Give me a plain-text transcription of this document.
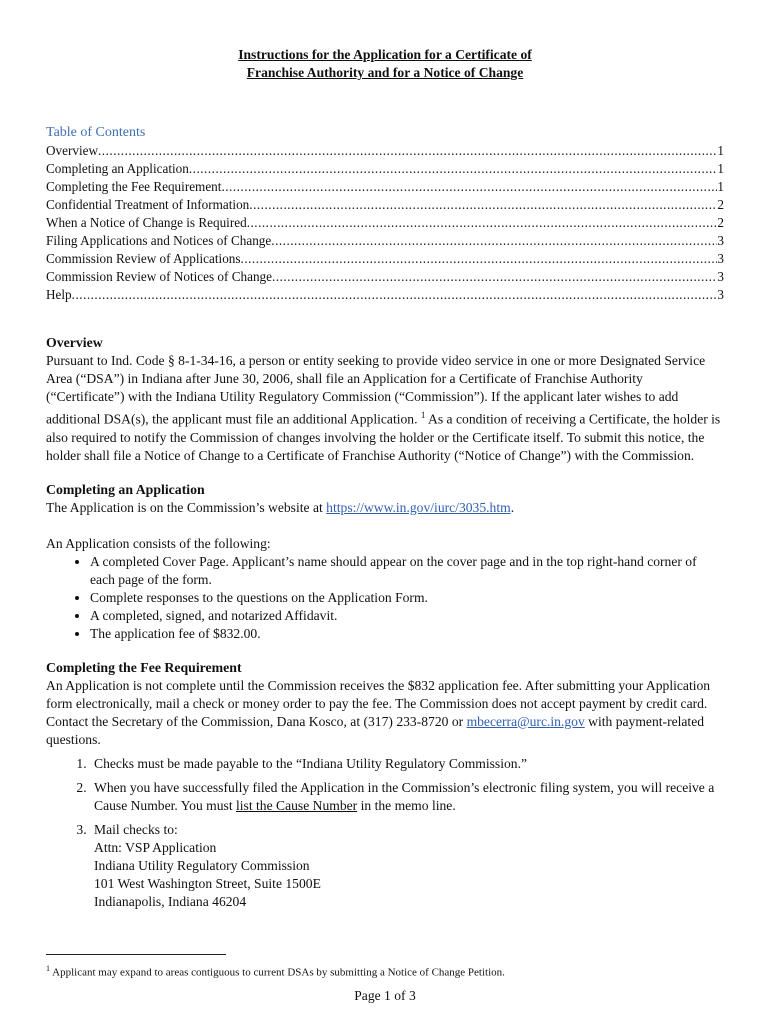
Instructions for the Application for a Certificate of
Franchise Authority and for a Notice of Change
Table of Contents
Overview .....	1
Completing an Application .....	1
Completing the Fee Requirement .....	1
Confidential Treatment of Information .....	2
When a Notice of Change is Required .....	2
Filing Applications and Notices of Change .....	3
Commission Review of Applications .....	3
Commission Review of Notices of Change .....	3
Help .....	3
Overview

Pursuant to Ind. Code § 8-1-34-16, a person or entity seeking to provide video service in one or more Designated Service Area (“DSA”) in Indiana after June 30, 2006, shall file an Application for a Certificate of Franchise Authority (“Certificate”) with the Indiana Utility Regulatory Commission (“Commission”). If the applicant later wishes to add additional DSA(s), the applicant must file an additional Application. $^1$ As a condition of receiving a Certificate, the holder is also required to notify the Commission of changes involving the holder or the Certificate itself. To submit this notice, the holder shall file a Notice of Change to a Certificate of Franchise Authority (“Notice of Change”) with the Commission.

Completing an Application

The Application is on the Commission’s website at https://www.in.gov/iurc/3035.htm.

An Application consists of the following:

• A completed Cover Page. Applicant’s name should appear on the cover page and in the top right-hand corner of each page of the form.
• Complete responses to the questions on the Application Form.
• A completed, signed, and notarized Affidavit.
• The application fee of $832.00.
Completing the Fee Requirement

An Application is not complete until the Commission receives the $832 application fee. After submitting your Application form electronically, mail a check or money order to pay the fee. The Commission does not accept payment by credit card. Contact the Secretary of the Commission, Dana Kosco, at (317) 233-8720 or mbecerra@urc.in.gov with payment-related questions.

1. Checks must be made payable to the “Indiana Utility Regulatory Commission.”
2. When you have successfully filed the Application in the Commission’s electronic filing system, you will receive a Cause Number. You must list the Cause Number in the memo line.
3. Mail checks to:
Attn: VSP Application
Indiana Utility Regulatory Commission
101 West Washington Street, Suite 1500E
Indianapolis, Indiana 46204
$^1$ Applicant may expand to areas contiguous to current DSAs by submitting a Notice of Change Petition.
Page 1 of 3
